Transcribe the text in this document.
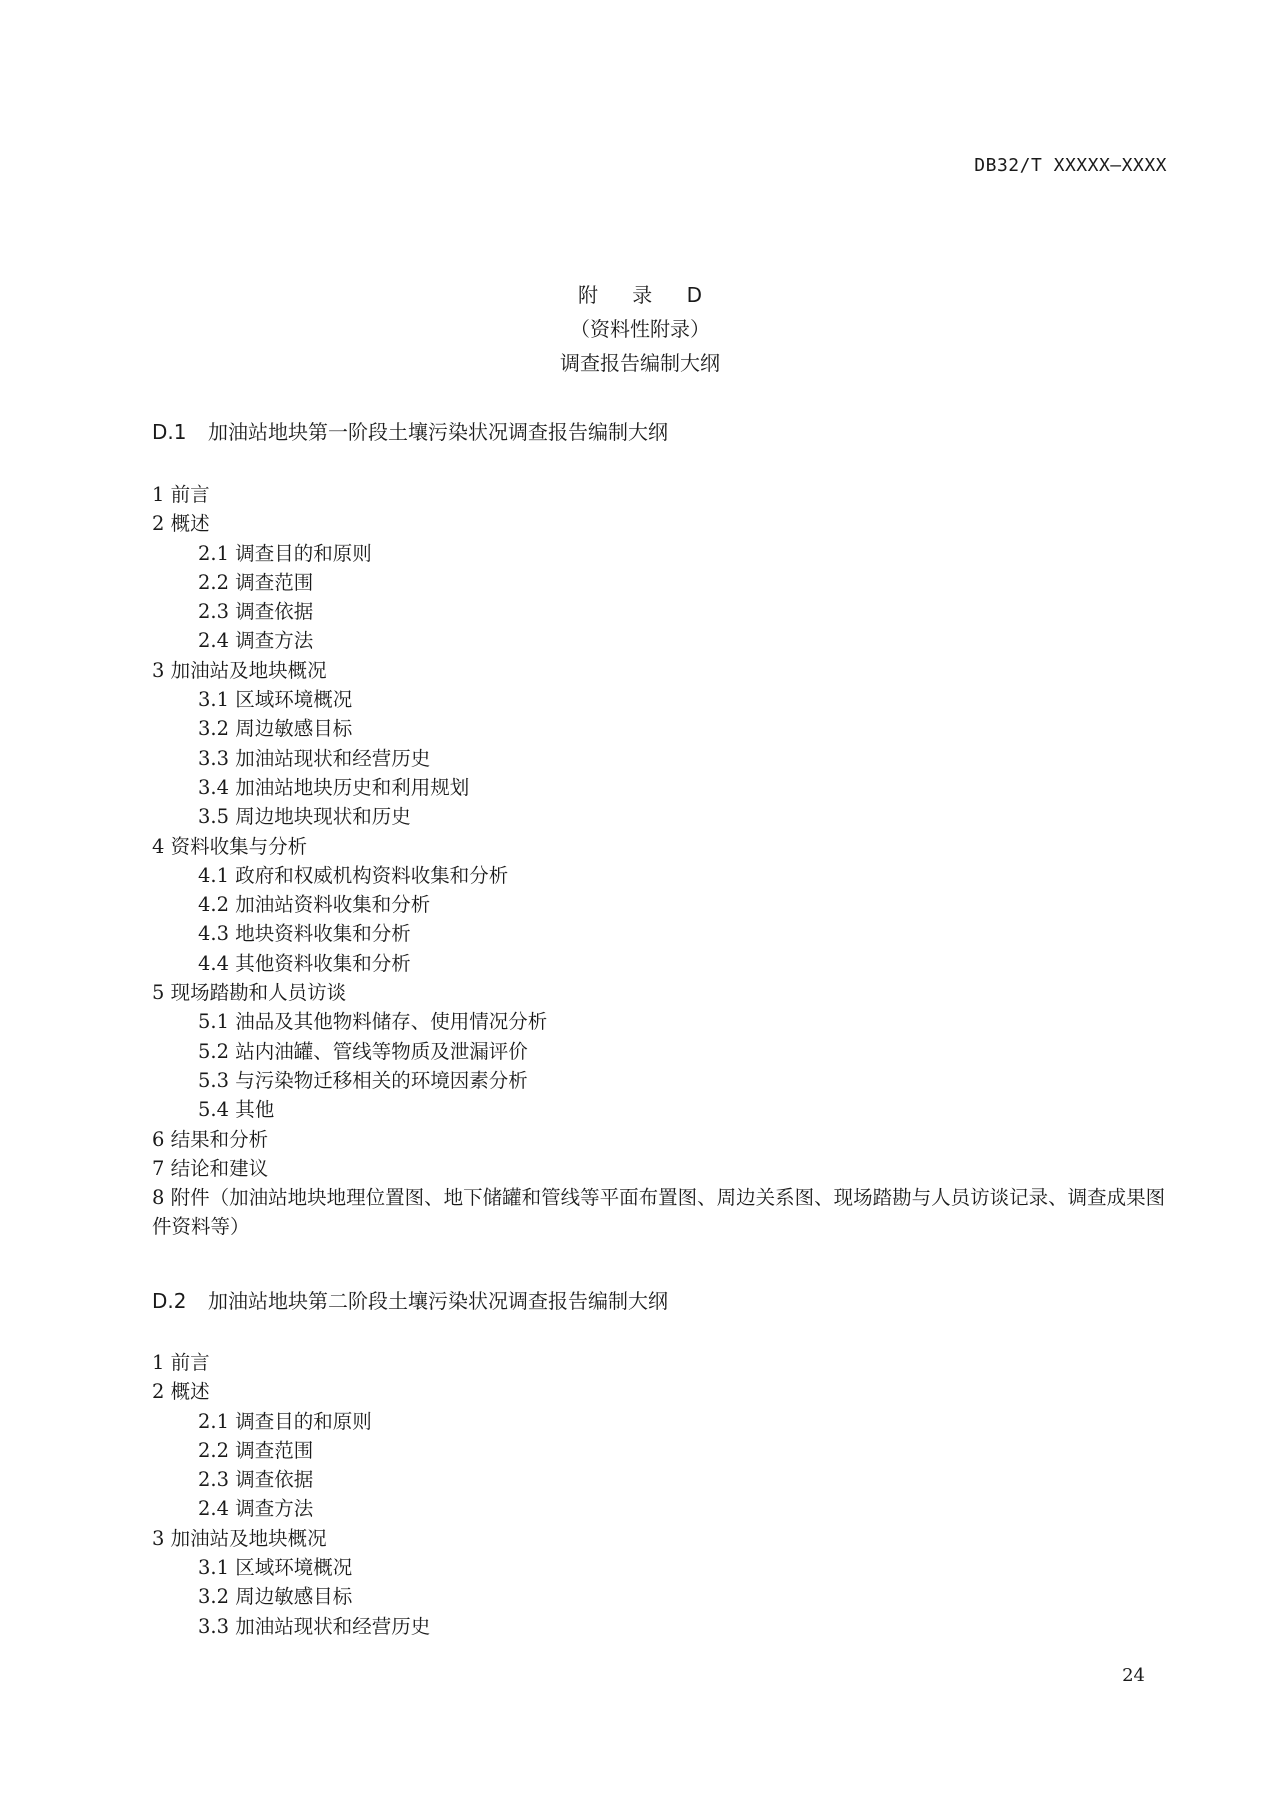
DB32/T XXXXX—XXXX
附 录 D
（资料性附录）
调查报告编制大纲
D.1 加油站地块第一阶段土壤污染状况调查报告编制大纲
1 前言
2 概述
2.1 调查目的和原则
2.2 调查范围
2.3 调查依据
2.4 调查方法
3 加油站及地块概况
3.1 区域环境概况
3.2 周边敏感目标
3.3 加油站现状和经营历史
3.4 加油站地块历史和利用规划
3.5 周边地块现状和历史
4 资料收集与分析
4.1 政府和权威机构资料收集和分析
4.2 加油站资料收集和分析
4.3 地块资料收集和分析
4.4 其他资料收集和分析
5 现场踏勘和人员访谈
5.1 油品及其他物料储存、使用情况分析
5.2 站内油罐、管线等物质及泄漏评价
5.3 与污染物迁移相关的环境因素分析
5.4 其他
6 结果和分析
7 结论和建议
8 附件（加油站地块地理位置图、地下储罐和管线等平面布置图、周边关系图、现场踏勘与人员访谈记录、调查成果图件资料等）
D.2 加油站地块第二阶段土壤污染状况调查报告编制大纲
1 前言
2 概述
2.1 调查目的和原则
2.2 调查范围
2.3 调查依据
2.4 调查方法
3 加油站及地块概况
3.1 区域环境概况
3.2 周边敏感目标
3.3 加油站现状和经营历史
24
